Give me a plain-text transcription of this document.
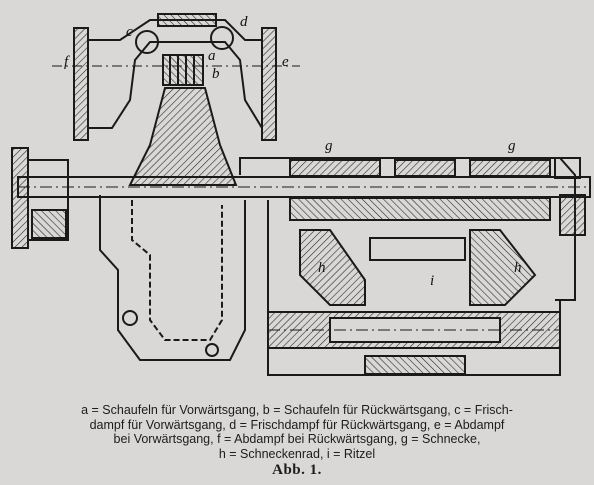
a
b
c
d
e
f
g	g
h	h
i
a = Schaufeln für Vorwärtsgang, b = Schaufeln für Rückwärtsgang, c = Frisch-
dampf für Vorwärtsgang, d = Frischdampf für Rückwärtsgang, e = Abdampf
bei Vorwärtsgang, f = Abdampf bei Rückwärtsgang, g = Schnecke,
h = Schneckenrad, i = Ritzel
Abb. 1.
